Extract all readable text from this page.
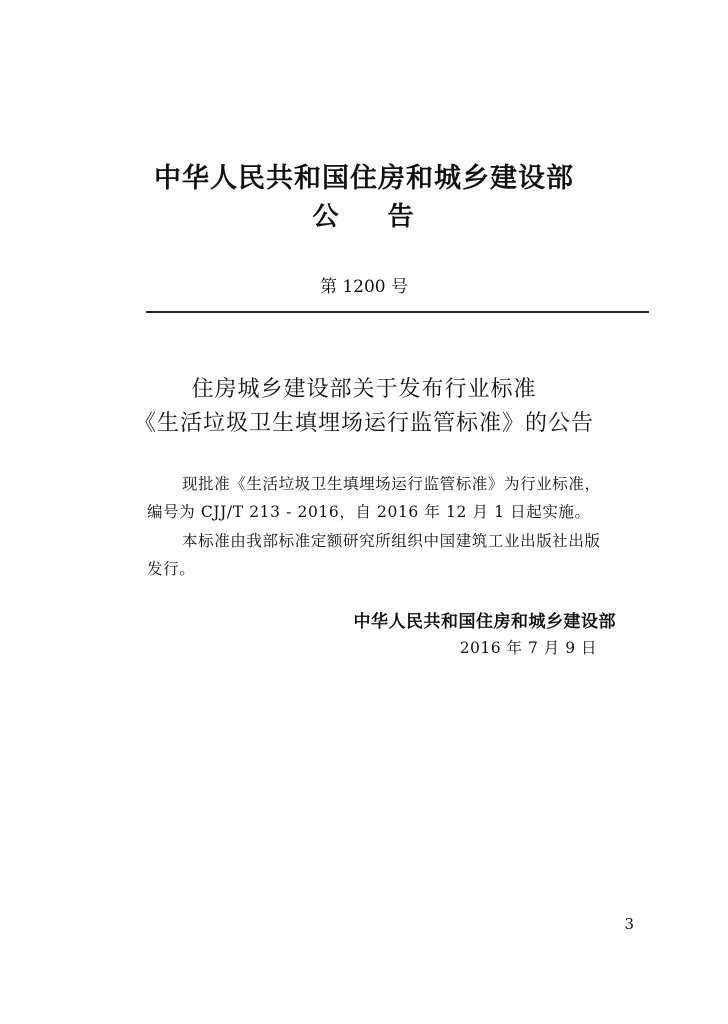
中华人民共和国住房和城乡建设部
公 告
第 1200 号
住房城乡建设部关于发布行业标准
《生活垃圾卫生填埋场运行监管标准》的公告
现批准《生活垃圾卫生填埋场运行监管标准》为行业标准，
编号为 CJJ/T 213 - 2016，自 2016 年 12 月 1 日起实施。
本标准由我部标准定额研究所组织中国建筑工业出版社出版
发行。
中华人民共和国住房和城乡建设部
2016 年 7 月 9 日
3
